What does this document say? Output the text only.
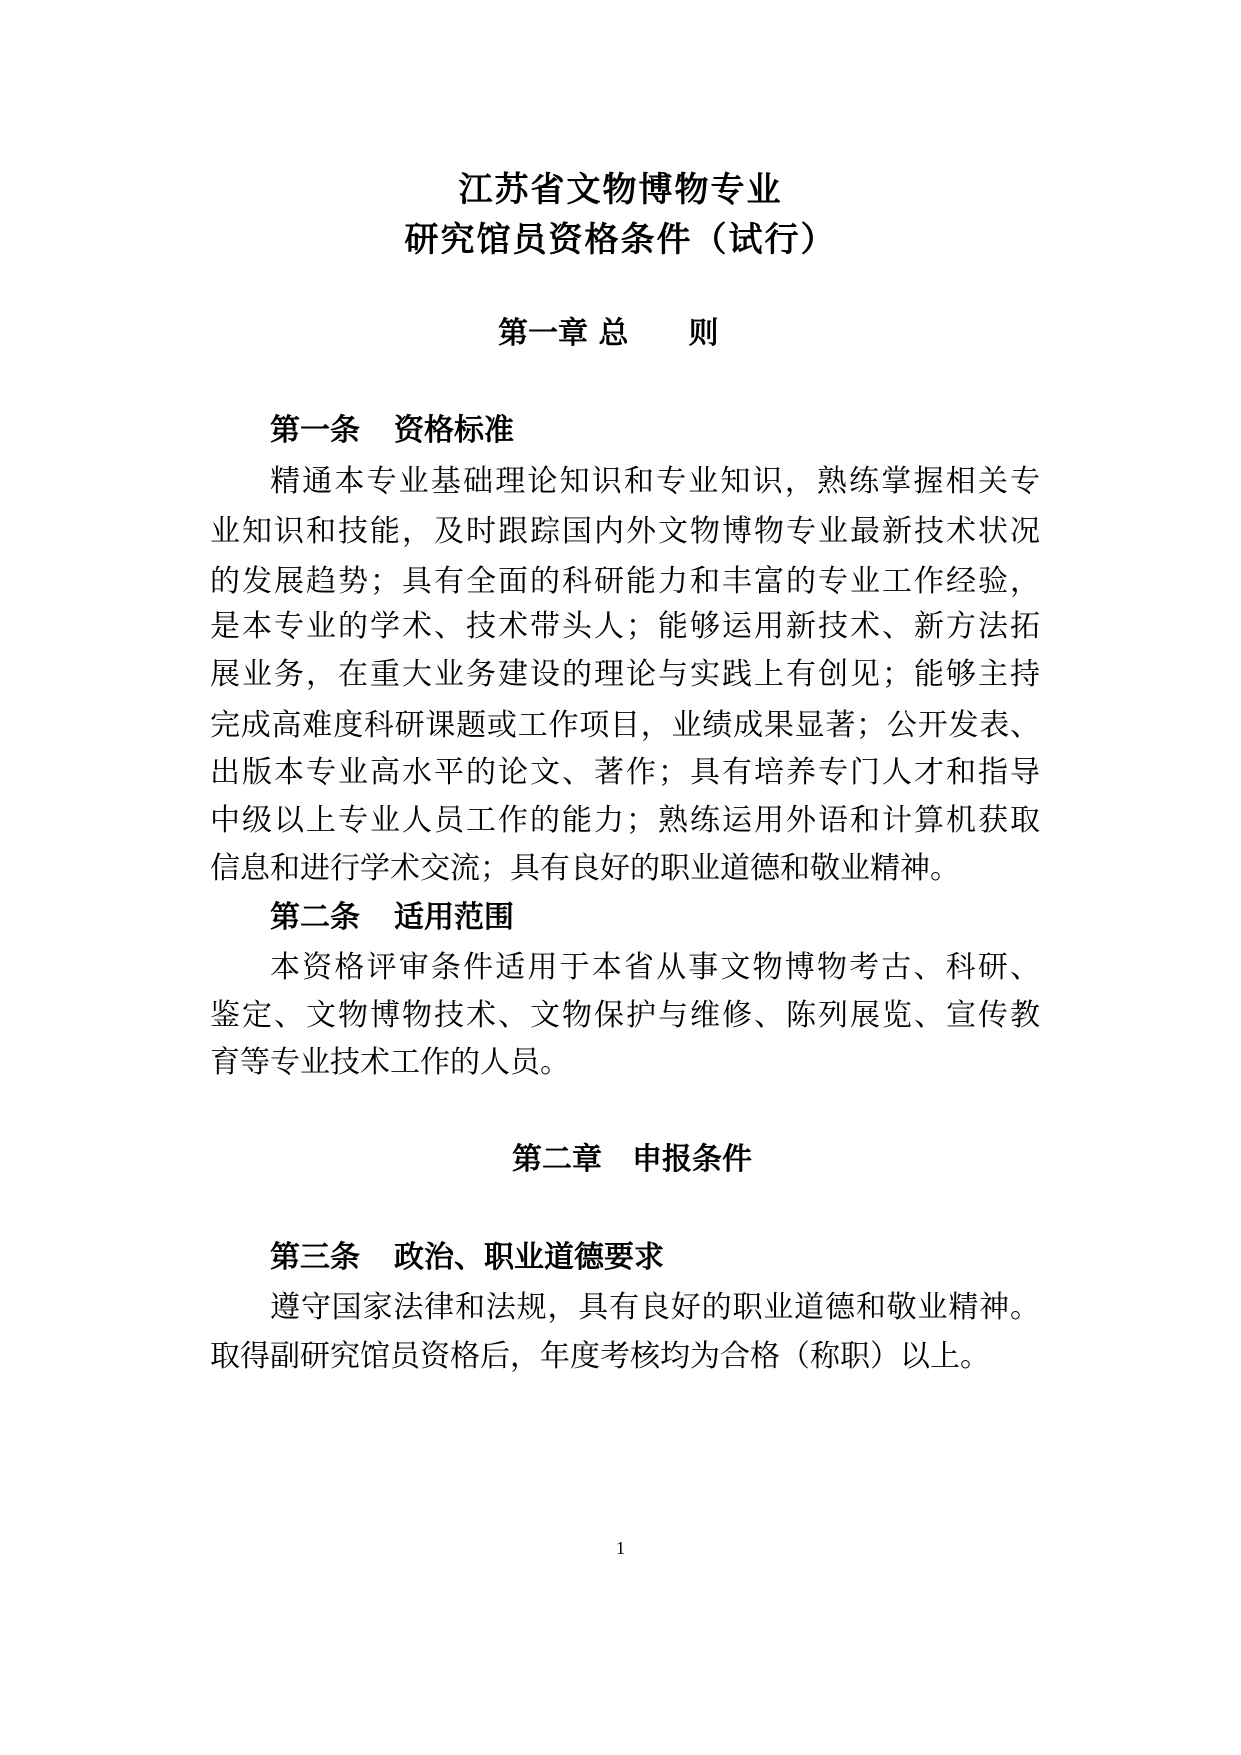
江苏省文物博物专业
研究馆员资格条件（试行）
第一章 总　　则
第一条 资格标准
精通本专业基础理论知识和专业知识，熟练掌握相关专
业知识和技能，及时跟踪国内外文物博物专业最新技术状况
的发展趋势；具有全面的科研能力和丰富的专业工作经验，
是本专业的学术、技术带头人；能够运用新技术、新方法拓
展业务，在重大业务建设的理论与实践上有创见；能够主持
完成高难度科研课题或工作项目，业绩成果显著；公开发表、
出版本专业高水平的论文、著作；具有培养专门人才和指导
中级以上专业人员工作的能力；熟练运用外语和计算机获取
信息和进行学术交流；具有良好的职业道德和敬业精神。
第二条 适用范围
本资格评审条件适用于本省从事文物博物考古、科研、
鉴定、文物博物技术、文物保护与维修、陈列展览、宣传教
育等专业技术工作的人员。
第二章　 申报条件
第三条 政治、职业道德要求
遵守国家法律和法规，具有良好的职业道德和敬业精神。
取得副研究馆员资格后，年度考核均为合格（称职）以上。
1
